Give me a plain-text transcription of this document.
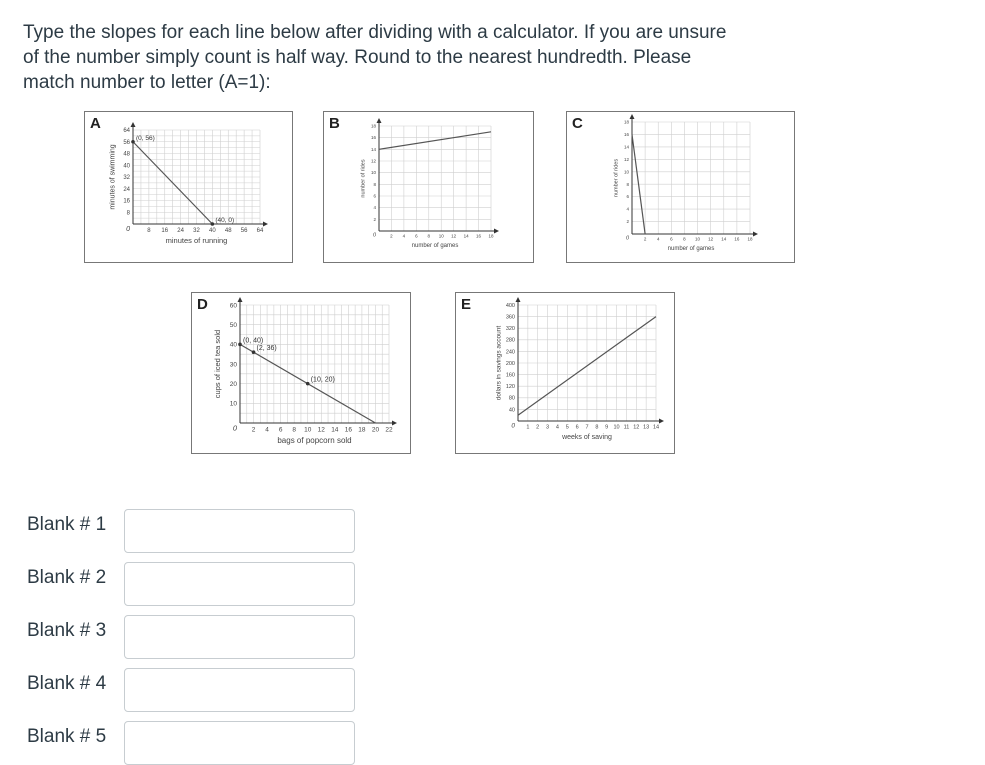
Type the slopes for each line below after dividing with a calculator. If you are unsure
of the number simply count is half way. Round to the nearest hundredth. Please
match number to letter (A=1):
A
8 16 24 32 40 48 56 64
8
16
24
32
40
48
56
64
0
minutes of running
minutes of swimming
(0, 56)
(40, 0)
B
2 4 6 8 10 12 14 16 18
2
4
6
8
10
12
14
16
18
0
number of games
number of rides
C
2 4 6 8 10 12 14 16 18
2
4
6
8
10
12
14
16
18
0
number of games
number of rides
D
2 4 6 8 10 12 14 16 18 20 22
10
20
30
40
50
60
0
bags of popcorn sold
cups of iced tea sold	(0, 40)
(2, 36)
(10, 20)
E
1 2 3 4 5 6 7 8 9 10 11 12 13 14
40
80
120
160
200
240
280
320
360
400
0
weeks of saving
dollars in savings account
Blank # 1
Blank # 2
Blank # 3
Blank # 4
Blank # 5
